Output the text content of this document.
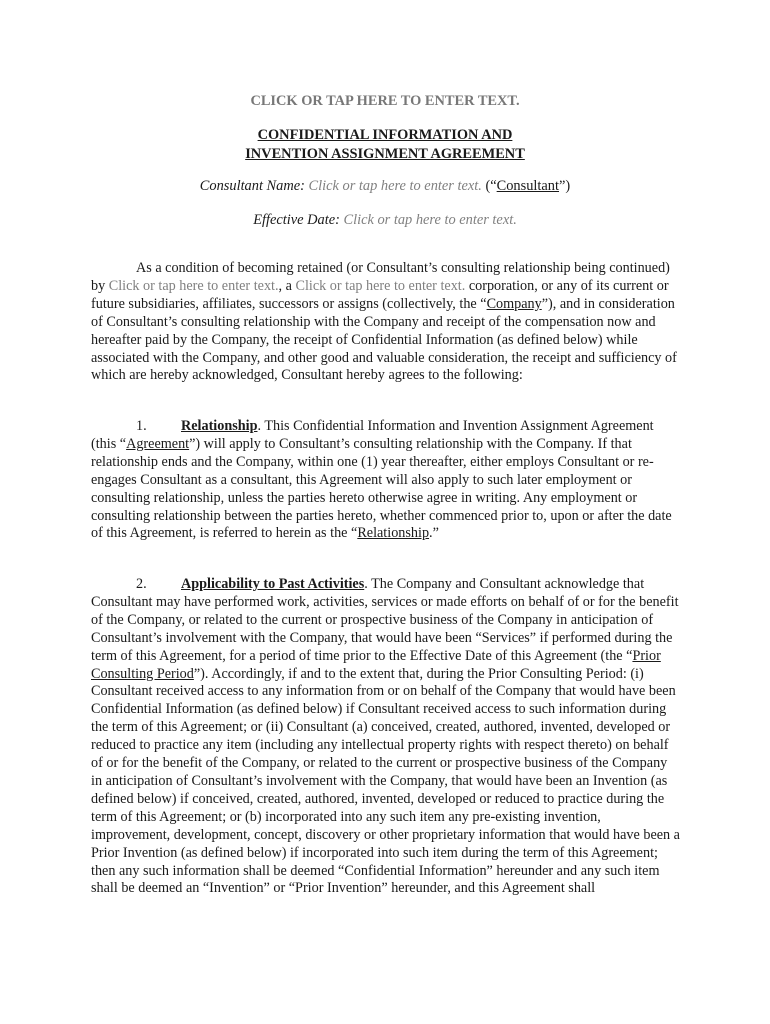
CLICK OR TAP HERE TO ENTER TEXT.
CONFIDENTIAL INFORMATION AND
INVENTION ASSIGNMENT AGREEMENT
Consultant Name: Click or tap here to enter text. (“Consultant”)
Effective Date: Click or tap here to enter text.
As a condition of becoming retained (or Consultant’s consulting relationship being continued) by Click or tap here to enter text., a Click or tap here to enter text. corporation, or any of its current or future subsidiaries, affiliates, successors or assigns (collectively, the “Company”), and in consideration of Consultant’s consulting relationship with the Company and receipt of the compensation now and hereafter paid by the Company, the receipt of Confidential Information (as defined below) while associated with the Company, and other good and valuable consideration, the receipt and sufficiency of which are hereby acknowledged, Consultant hereby agrees to the following:
1. Relationship. This Confidential Information and Invention Assignment Agreement (this “Agreement”) will apply to Consultant’s consulting relationship with the Company. If that relationship ends and the Company, within one (1) year thereafter, either employs Consultant or re-engages Consultant as a consultant, this Agreement will also apply to such later employment or consulting relationship, unless the parties hereto otherwise agree in writing. Any employment or consulting relationship between the parties hereto, whether commenced prior to, upon or after the date of this Agreement, is referred to herein as the “Relationship.”
2. Applicability to Past Activities. The Company and Consultant acknowledge that Consultant may have performed work, activities, services or made efforts on behalf of or for the benefit of the Company, or related to the current or prospective business of the Company in anticipation of Consultant’s involvement with the Company, that would have been “Services” if performed during the term of this Agreement, for a period of time prior to the Effective Date of this Agreement (the “Prior Consulting Period”). Accordingly, if and to the extent that, during the Prior Consulting Period: (i) Consultant received access to any information from or on behalf of the Company that would have been Confidential Information (as defined below) if Consultant received access to such information during the term of this Agreement; or (ii) Consultant (a) conceived, created, authored, invented, developed or reduced to practice any item (including any intellectual property rights with respect thereto) on behalf of or for the benefit of the Company, or related to the current or prospective business of the Company in anticipation of Consultant’s involvement with the Company, that would have been an Invention (as defined below) if conceived, created, authored, invented, developed or reduced to practice during the term of this Agreement; or (b) incorporated into any such item any pre-existing invention, improvement, development, concept, discovery or other proprietary information that would have been a Prior Invention (as defined below) if incorporated into such item during the term of this Agreement; then any such information shall be deemed “Confidential Information” hereunder and any such item shall be deemed an “Invention” or “Prior Invention” hereunder, and this Agreement shall
